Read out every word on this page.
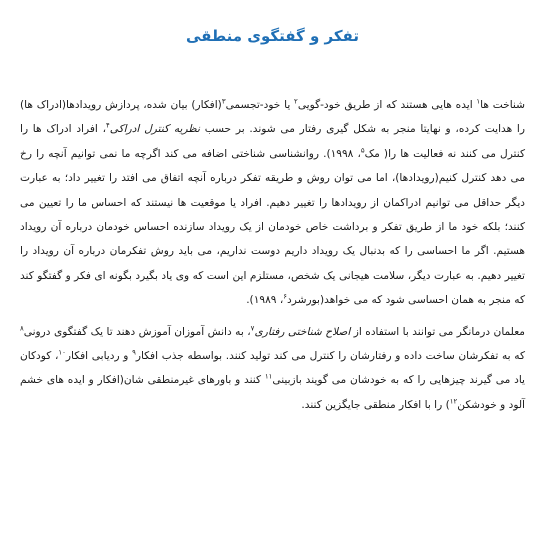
تفکر و گفتگوی منطقی

شناخت ها$^۱$ ایده هایی هستند که از طریق خود-گویی$^۲$ یا خود-تجسمی$^۳$(افکار) بیان شده، پردازش رویدادها(ادراک ها) را هدایت کرده، و نهایتا منجر به شکل گیری رفتار می شوند. بر حسب نظریه کنترل ادراکی$^۴$، افراد ادراک ها را کنترل می کنند نه فعالیت ها را( مک$^۵$، ۱۹۹۸). روانشناسی شناختی اضافه می کند اگرچه ما نمی توانیم آنچه را رخ می دهد کنترل کنیم(رویدادها)، اما می توان روش و طریقه تفکر درباره آنچه اتفاق می افتد را تغییر داد؛ به عبارت دیگر حداقل می توانیم ادراکمان از رویدادها را تغییر دهیم. افراد یا موقعیت ها نیستند که احساس ما را تعیین می کنند؛ بلکه خود ما از طریق تفکر و برداشت خاص خودمان از یک رویداد سازنده احساس خودمان درباره آن رویداد هستیم. اگر ما احساسی را که بدنبال یک رویداد داریم دوست نداریم، می باید روش تفکرمان درباره آن رویداد را تغییر دهیم. به عبارت دیگر، سلامت هیجانی یک شخص، مستلزم این است که وی یاد بگیرد بگونه ای فکر و گفتگو کند که منجر به همان احساسی شود که می خواهد(بورشرد$^۶$، ۱۹۸۹).

معلمان درمانگر می توانند با استفاده از اصلاح شناختی رفتاری$^۷$، به دانش آموزان آموزش دهند تا یک گفتگوی درونی$^۸$ که به تفکرشان ساخت داده و رفتارشان را کنترل می کند تولید کنند. بواسطه جذب افکار$^۹$ و ردیابی افکار$^{۱۰}$، کودکان یاد می گیرند چیزهایی را که به خودشان می گویند بازبینی$^{۱۱}$ کنند و باورهای غیرمنطقی شان(افکار و ایده های خشم آلود و خودشکن$^{۱۲}$) را با افکار منطقی جایگزین کنند.
